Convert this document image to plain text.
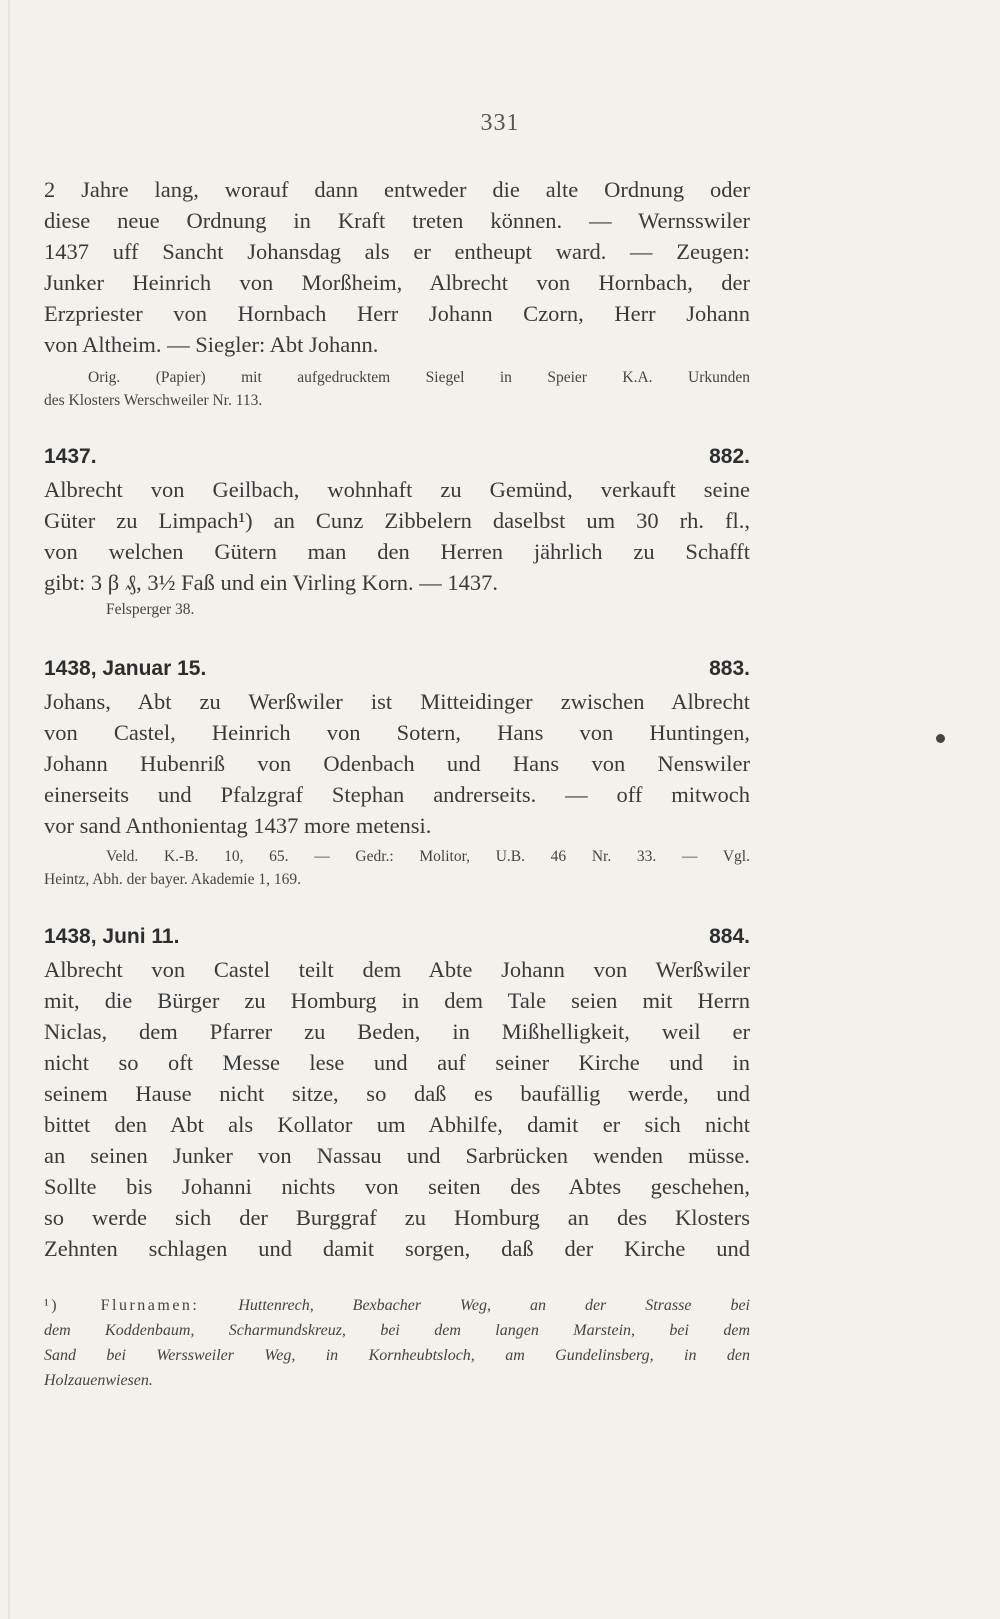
331
2 Jahre lang, worauf dann entweder die alte Ordnung oder
diese neue Ordnung in Kraft treten können. — Wernsswiler
1437 uff Sancht Johansdag als er entheupt ward. — Zeugen:
Junker Heinrich von Morßheim, Albrecht von Hornbach, der
Erzpriester von Hornbach Herr Johann Czorn, Herr Johann
von Altheim. — Siegler: Abt Johann.
Orig. (Papier) mit aufgedrucktem Siegel in Speier K.A. Urkunden
des Klosters Werschweiler Nr. 113.
1437.	882.
Albrecht von Geilbach, wohnhaft zu Gemünd, verkauft seine
Güter zu Limpach¹) an Cunz Zibbelern daselbst um 30 rh. fl.,
von welchen Gütern man den Herren jährlich zu Schafft
gibt: 3 β ₰, 3½ Faß und ein Virling Korn. — 1437.
Felsperger 38.
1438, Januar 15.	883.
Johans, Abt zu Werßwiler ist Mitteidinger zwischen Albrecht
von Castel, Heinrich von Sotern, Hans von Huntingen,
Johann Hubenriß von Odenbach und Hans von Nenswiler
einerseits und Pfalzgraf Stephan andrerseits. — off mitwoch
vor sand Anthonientag 1437 more metensi.
Veld. K.-B. 10, 65. — Gedr.: Molitor, U.B. 46 Nr. 33. — Vgl.
Heintz, Abh. der bayer. Akademie 1, 169.
1438, Juni 11.	884.
Albrecht von Castel teilt dem Abte Johann von Werßwiler
mit, die Bürger zu Homburg in dem Tale seien mit Herrn
Niclas, dem Pfarrer zu Beden, in Mißhelligkeit, weil er
nicht so oft Messe lese und auf seiner Kirche und in
seinem Hause nicht sitze, so daß es baufällig werde, und
bittet den Abt als Kollator um Abhilfe, damit er sich nicht
an seinen Junker von Nassau und Sarbrücken wenden müsse.
Sollte bis Johanni nichts von seiten des Abtes geschehen,
so werde sich der Burggraf zu Homburg an des Klosters
Zehnten schlagen und damit sorgen, daß der Kirche und
¹) Flurnamen: Huttenrech, Bexbacher Weg, an der Strasse bei
dem Koddenbaum, Scharmundskreuz, bei dem langen Marstein, bei dem
Sand bei Werssweiler Weg, in Kornheubtsloch, am Gundelinsberg, in den
Holzauenwiesen.
